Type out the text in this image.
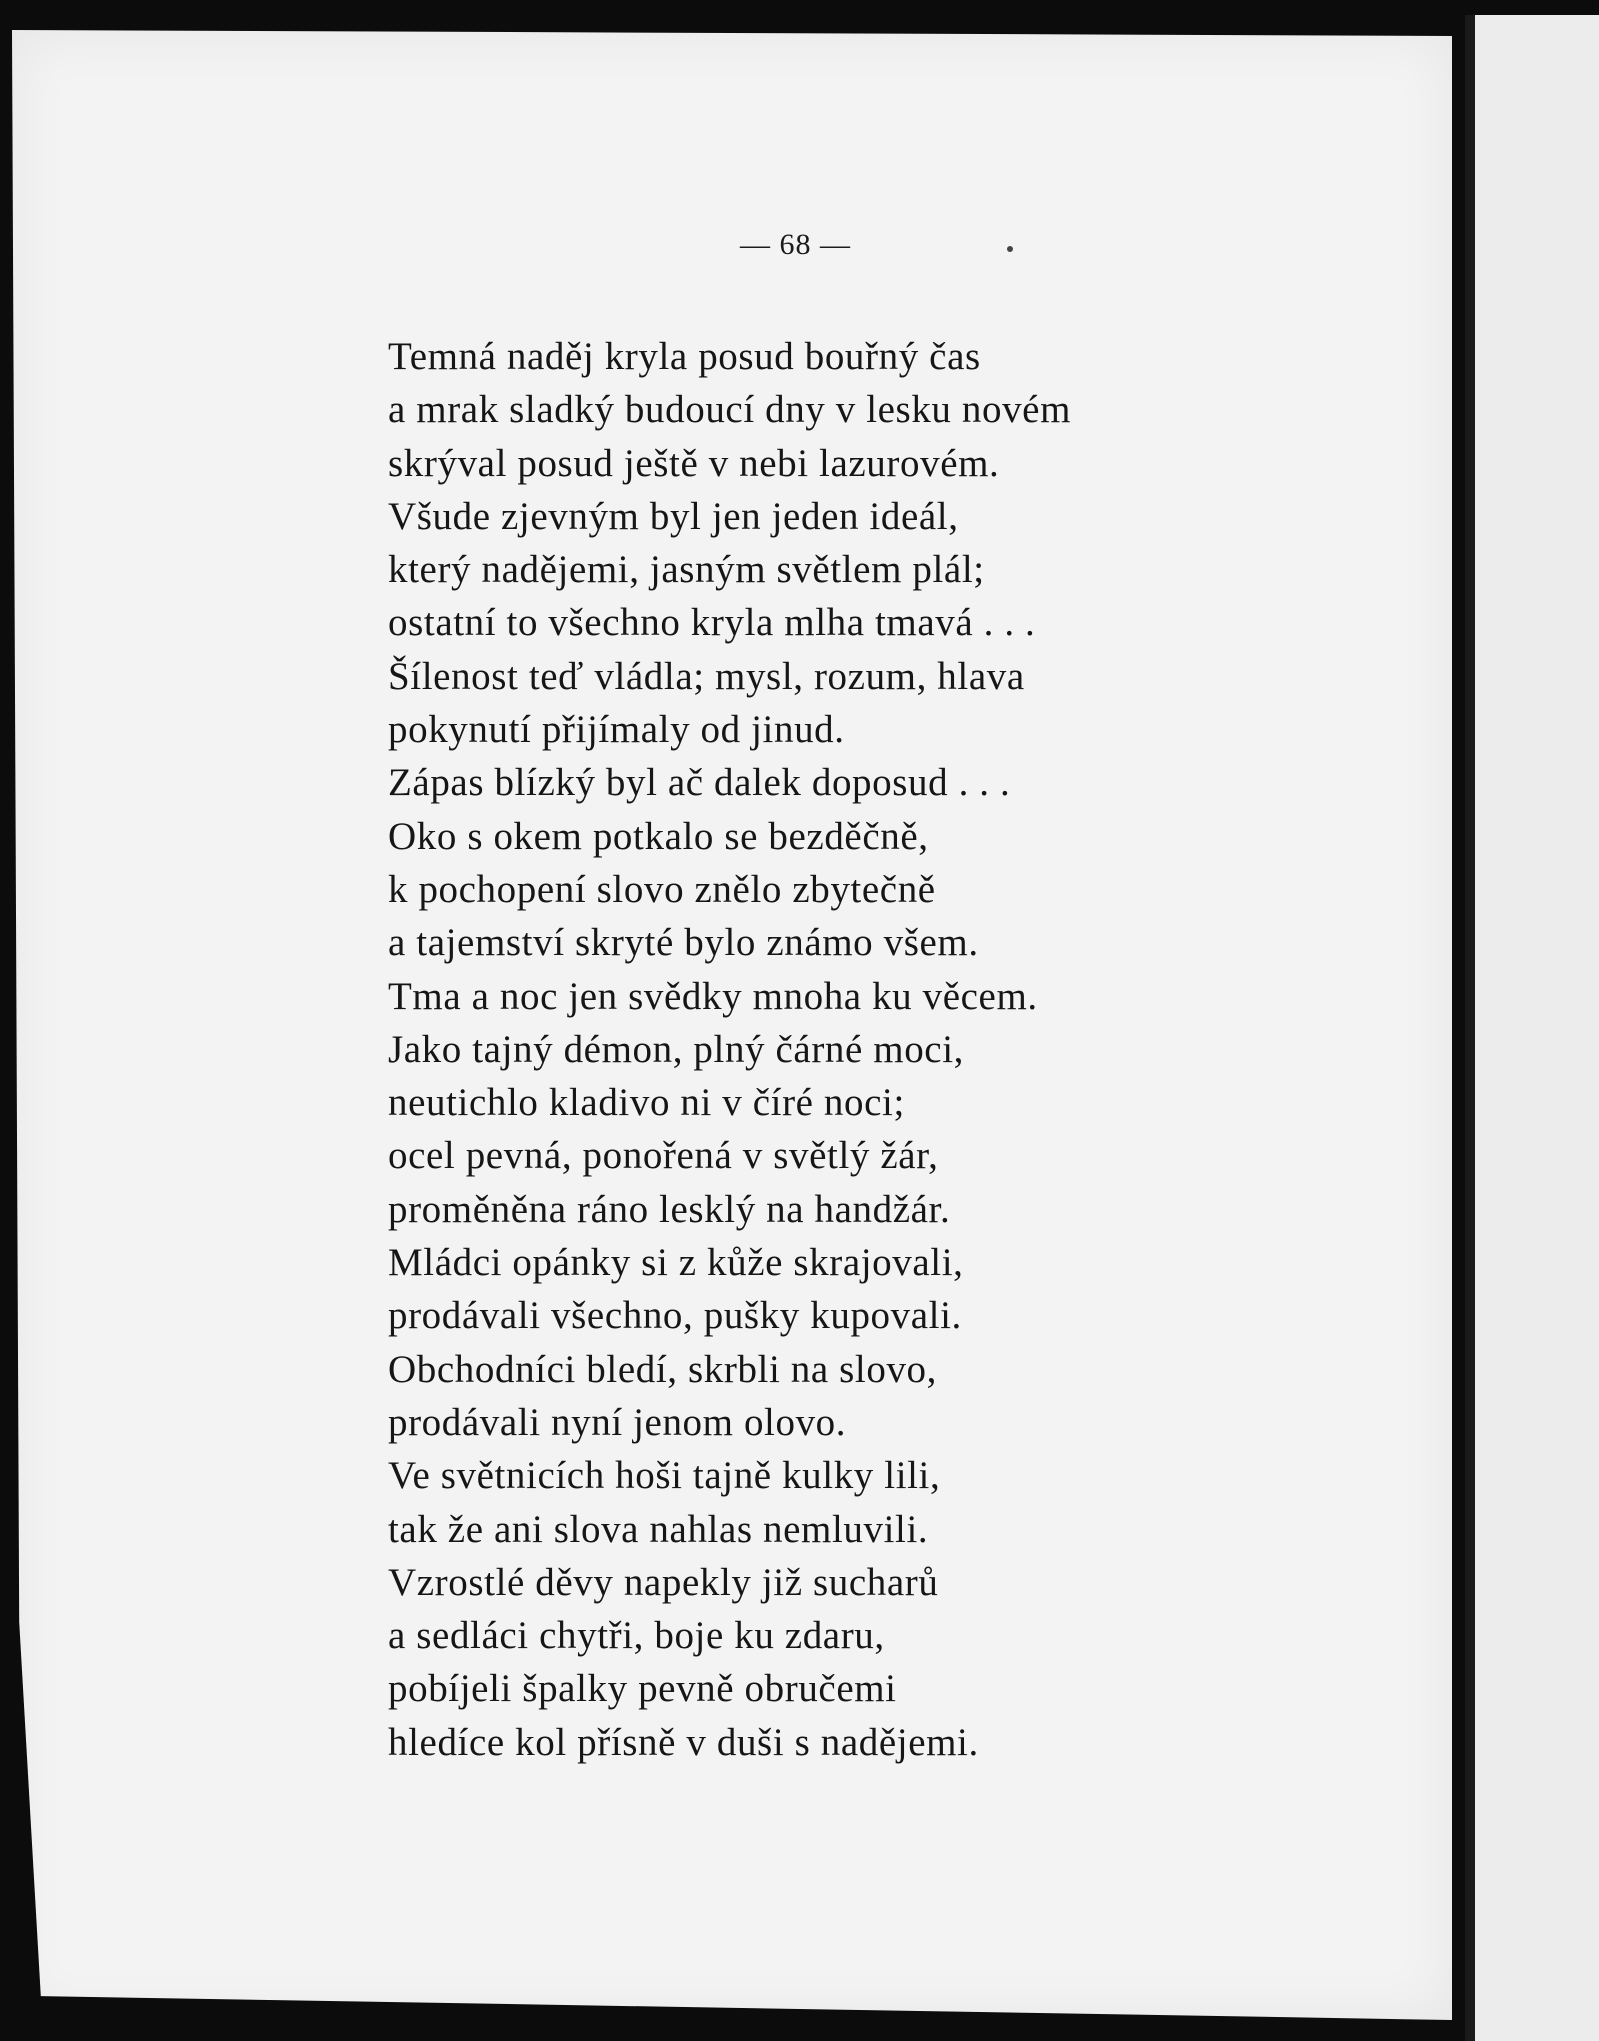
— 68 —
Temná naděj kryla posud bouřný čas
a mrak sladký budoucí dny v lesku novém
skrýval posud ještě v nebi lazurovém.
Všude zjevným byl jen jeden ideál,
který nadějemi, jasným světlem plál;
ostatní to všechno kryla mlha tmavá . . .
Šílenost teď vládla; mysl, rozum, hlava
pokynutí přijímaly od jinud.
Zápas blízký byl ač dalek doposud . . .
Oko s okem potkalo se bezděčně,
k pochopení slovo znělo zbytečně
a tajemství skryté bylo známo všem.
Tma a noc jen svědky mnoha ku věcem.
Jako tajný démon, plný čárné moci,
neutichlo kladivo ni v číré noci;
ocel pevná, ponořená v světlý žár,
proměněna ráno lesklý na handžár.
Mládci opánky si z kůže skrajovali,
prodávali všechno, pušky kupovali.
Obchodníci bledí, skrbli na slovo,
prodávali nyní jenom olovo.
Ve světnicích hoši tajně kulky lili,
tak že ani slova nahlas nemluvili.
Vzrostlé děvy napekly již sucharů
a sedláci chytři, boje ku zdaru,
pobíjeli špalky pevně obručemi
hledíce kol přísně v duši s nadějemi.
